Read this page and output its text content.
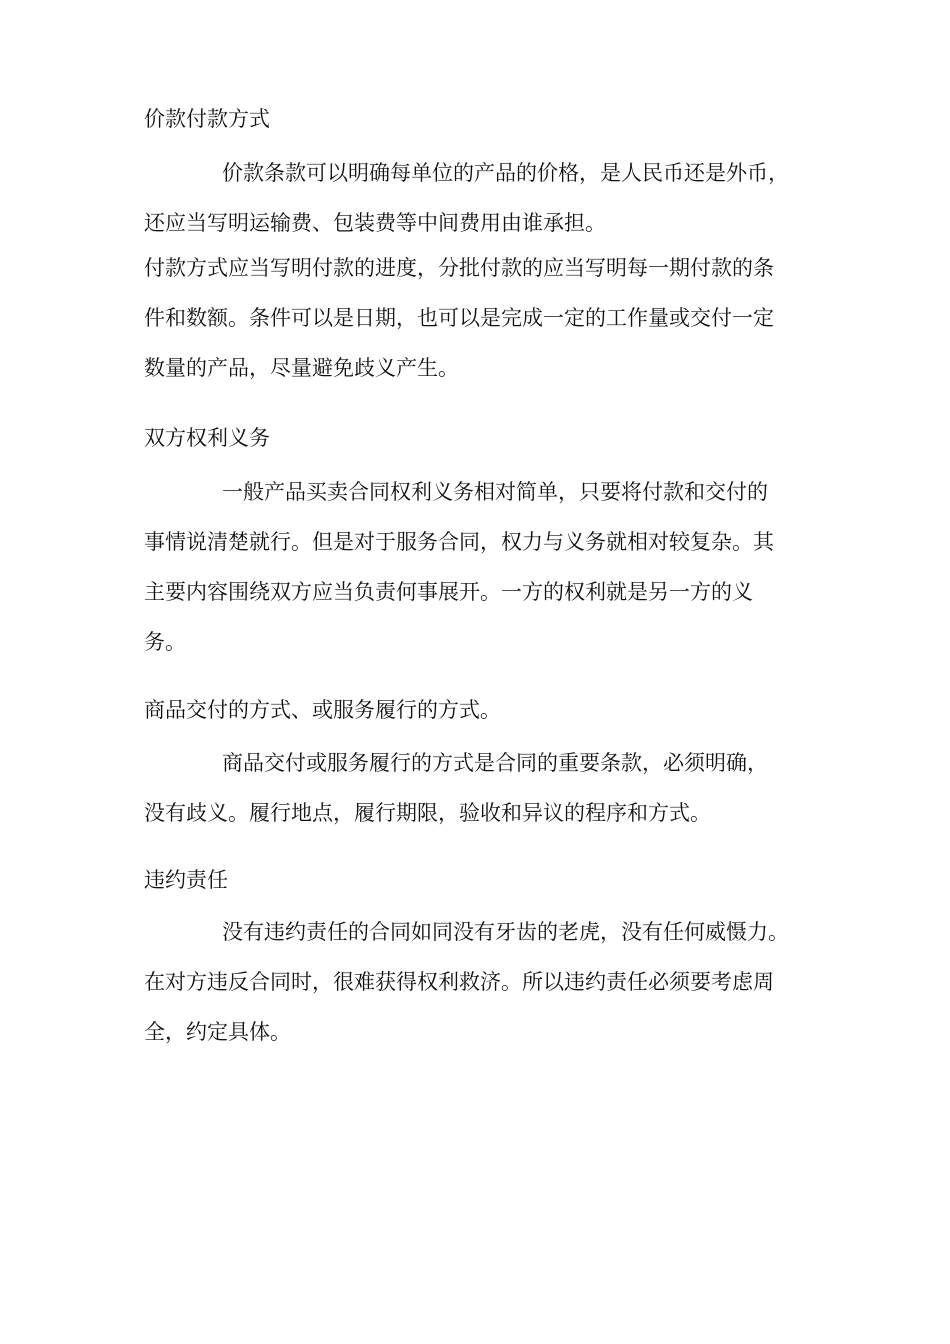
价款付款方式
价款条款可以明确每单位的产品的价格，是人民币还是外币，
还应当写明运输费、包装费等中间费用由谁承担。
付款方式应当写明付款的进度，分批付款的应当写明每一期付款的条
件和数额。条件可以是日期，也可以是完成一定的工作量或交付一定
数量的产品，尽量避免歧义产生。
双方权利义务
一般产品买卖合同权利义务相对简单，只要将付款和交付的
事情说清楚就行。但是对于服务合同，权力与义务就相对较复杂。其
主要内容围绕双方应当负责何事展开。一方的权利就是另一方的义
务。
商品交付的方式、或服务履行的方式。
商品交付或服务履行的方式是合同的重要条款，必须明确，
没有歧义。履行地点，履行期限，验收和异议的程序和方式。
违约责任
没有违约责任的合同如同没有牙齿的老虎，没有任何威慑力。
在对方违反合同时，很难获得权利救济。所以违约责任必须要考虑周
全，约定具体。
